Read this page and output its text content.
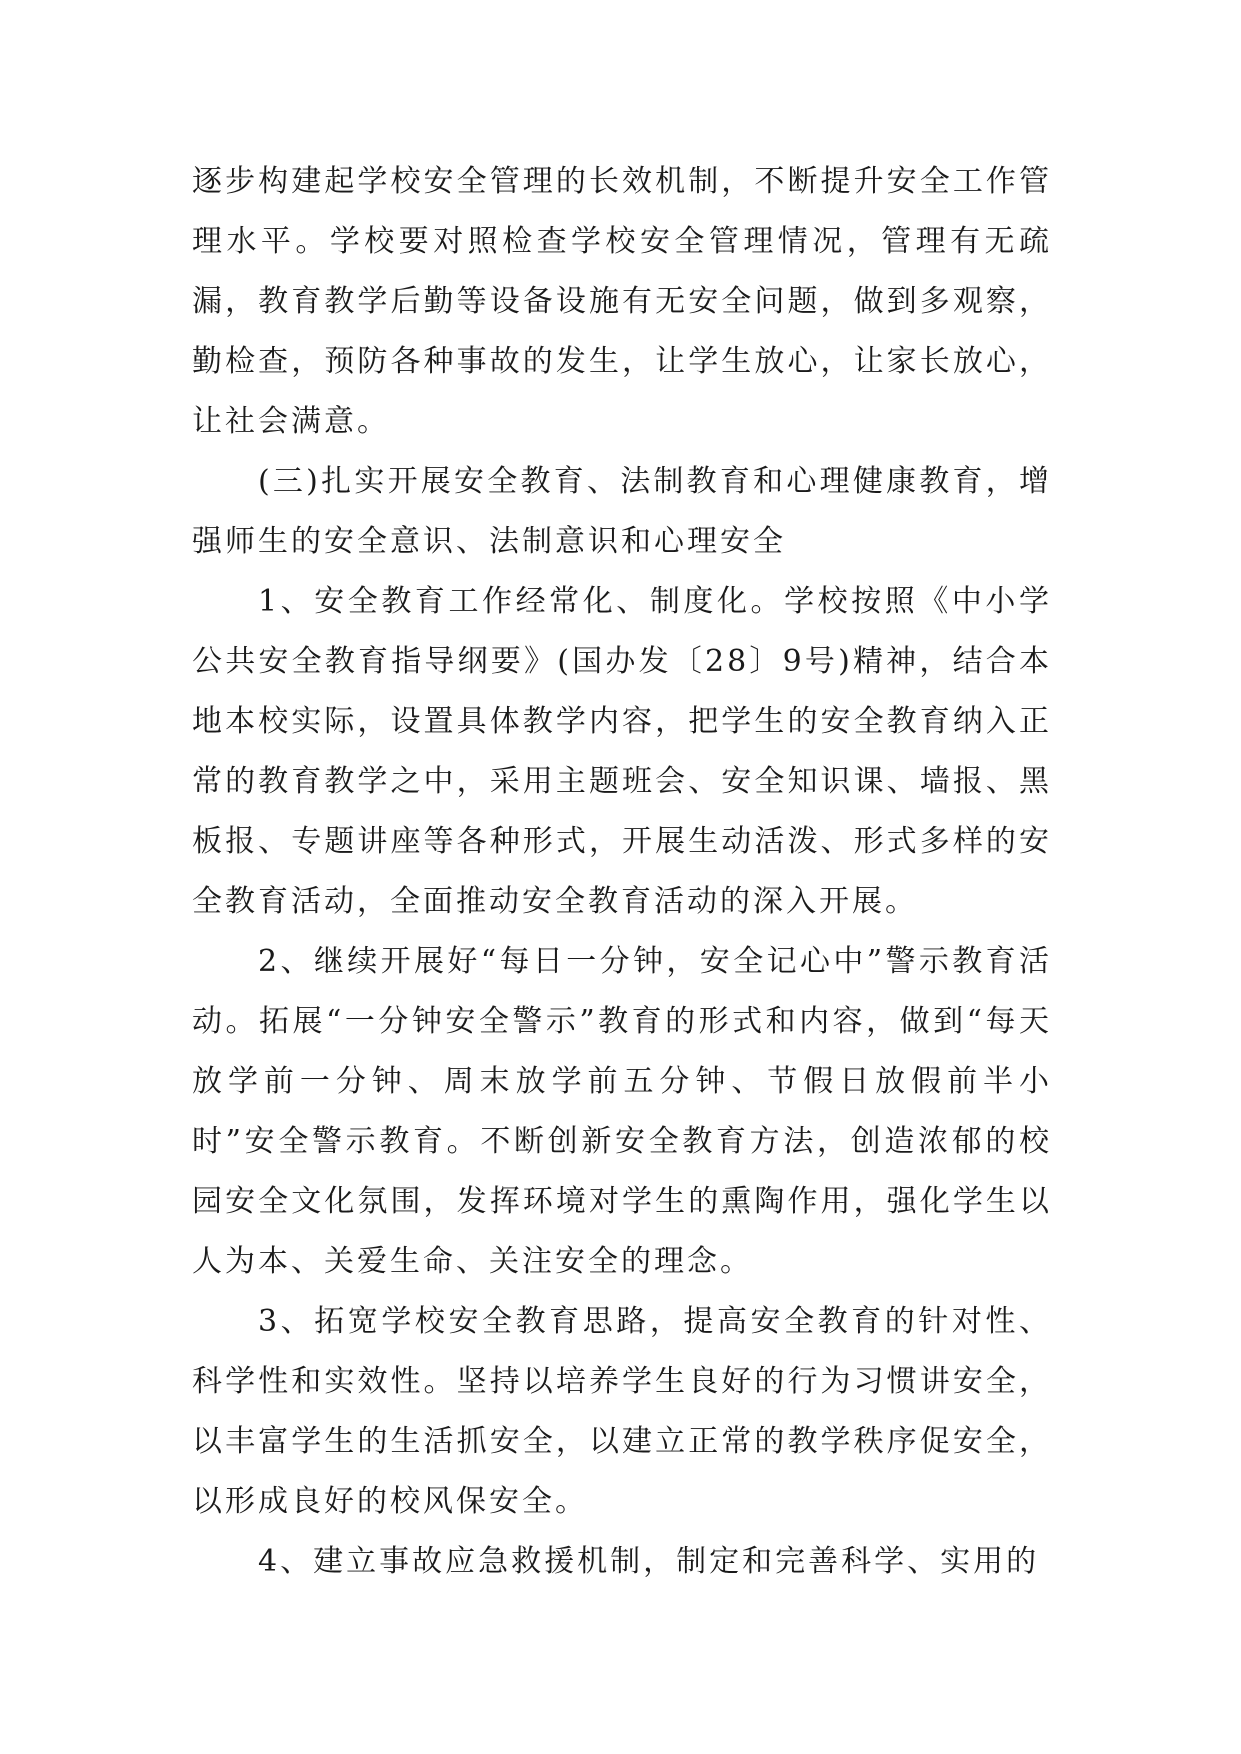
逐步构建起学校安全管理的长效机制，不断提升安全工作管理水平。学校要对照检查学校安全管理情况，管理有无疏漏，教育教学后勤等设备设施有无安全问题，做到多观察，勤检查，预防各种事故的发生，让学生放心，让家长放心，让社会满意。

(三)扎实开展安全教育、法制教育和心理健康教育，增强师生的安全意识、法制意识和心理安全

1、安全教育工作经常化、制度化。学校按照《中小学公共安全教育指导纲要》(国办发〔28〕9号)精神，结合本地本校实际，设置具体教学内容，把学生的安全教育纳入正常的教育教学之中，采用主题班会、安全知识课、墙报、黑板报、专题讲座等各种形式，开展生动活泼、形式多样的安全教育活动，全面推动安全教育活动的深入开展。

2、继续开展好“每日一分钟，安全记心中”警示教育活动。拓展“一分钟安全警示”教育的形式和内容，做到“每天放学前一分钟、周末放学前五分钟、节假日放假前半小时”安全警示教育。不断创新安全教育方法，创造浓郁的校园安全文化氛围，发挥环境对学生的熏陶作用，强化学生以人为本、关爱生命、关注安全的理念。

3、拓宽学校安全教育思路，提高安全教育的针对性、科学性和实效性。坚持以培养学生良好的行为习惯讲安全，以丰富学生的生活抓安全，以建立正常的教学秩序促安全，以形成良好的校风保安全。

4、建立事故应急救援机制，制定和完善科学、实用的
